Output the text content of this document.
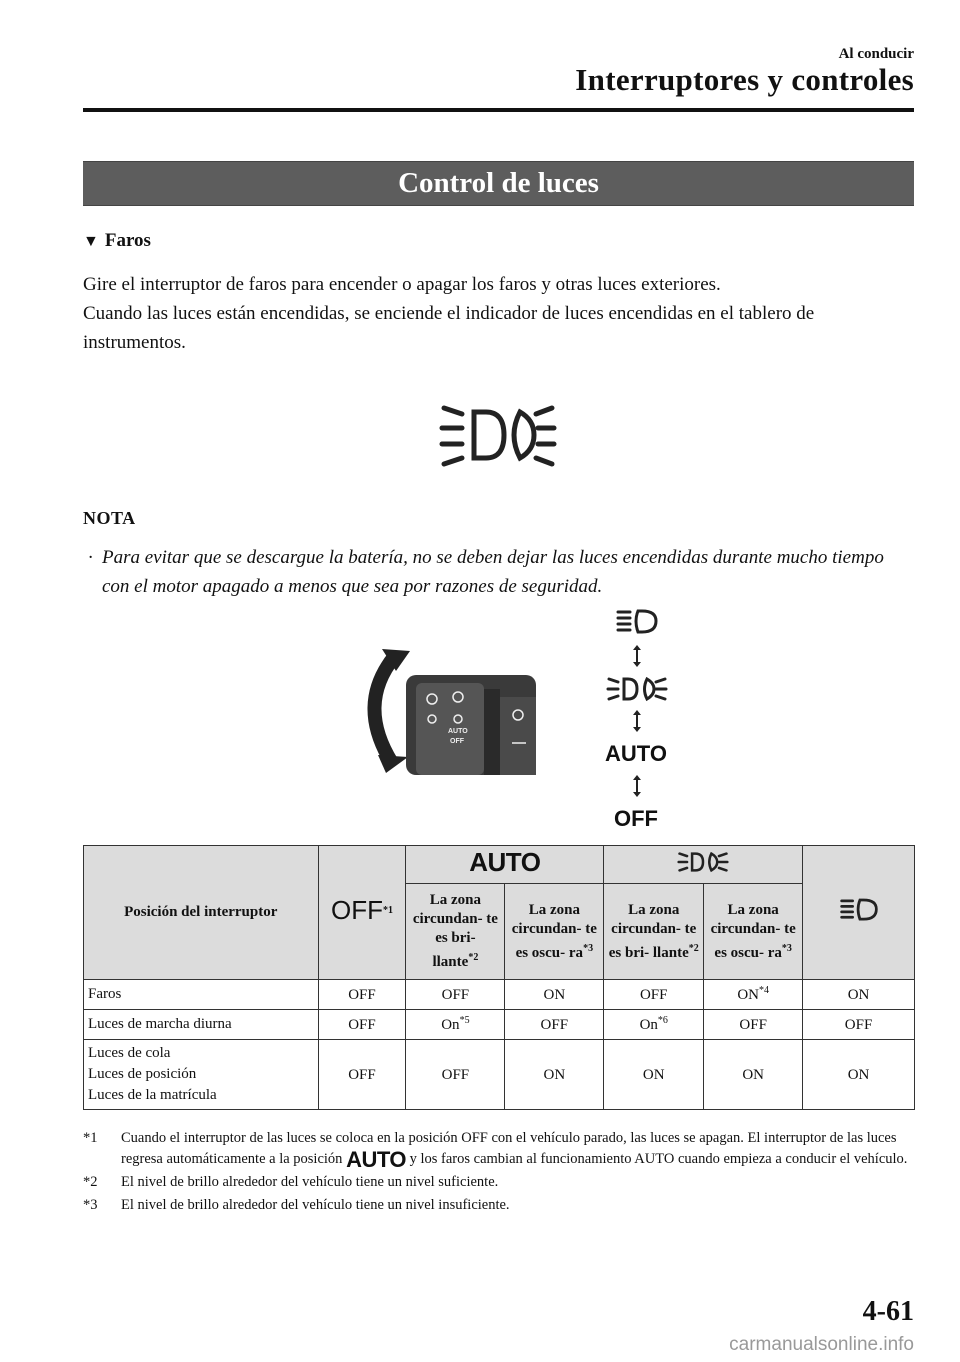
Al conducir
Interruptores y controles
Control de luces
▼ Faros

Gire el interruptor de faros para encender o apagar los faros y otras luces exteriores.

Cuando las luces están encendidas, se enciende el indicador de luces encendidas en el tablero de instrumentos.

NOTA
· Para evitar que se descargue la batería, no se deben dejar las luces encendidas durante mucho tiempo con el motor apagado a menos que sea por razones de seguridad.
AUTO
OFF	AUTO
OFF
Posición del interruptor	OFF$^{*1}$	AUTO		
		La zona circundan- te es bri- llante$^{*2}$	La zona circundan- te es oscu- $ra^{*3}$	La zona circundan- te es bri- llante$^{*2}$	La zona circundan- te es oscu- $ra^{*3}$
Faros	OFF	OFF	ON	OFF	ON$^{*4}$	ON
Luces de marcha diurna	OFF	On$^{*5}$	OFF	On$^{*6}$	OFF	OFF
Luces de cola
Luces de posición
Luces de la matrícula	OFF	OFF	ON	ON	ON	ON
*1 Cuando el interruptor de las luces se coloca en la posición OFF con el vehículo parado, las luces se apagan. El interruptor de las luces regresa automáticamente a la posición AUTO y los faros cambian al funcionamiento AUTO cuando empieza a conducir el vehículo.
*2 El nivel de brillo alrededor del vehículo tiene un nivel suficiente.
*3 El nivel de brillo alrededor del vehículo tiene un nivel insuficiente.
4-61
carmanualsonline.info
